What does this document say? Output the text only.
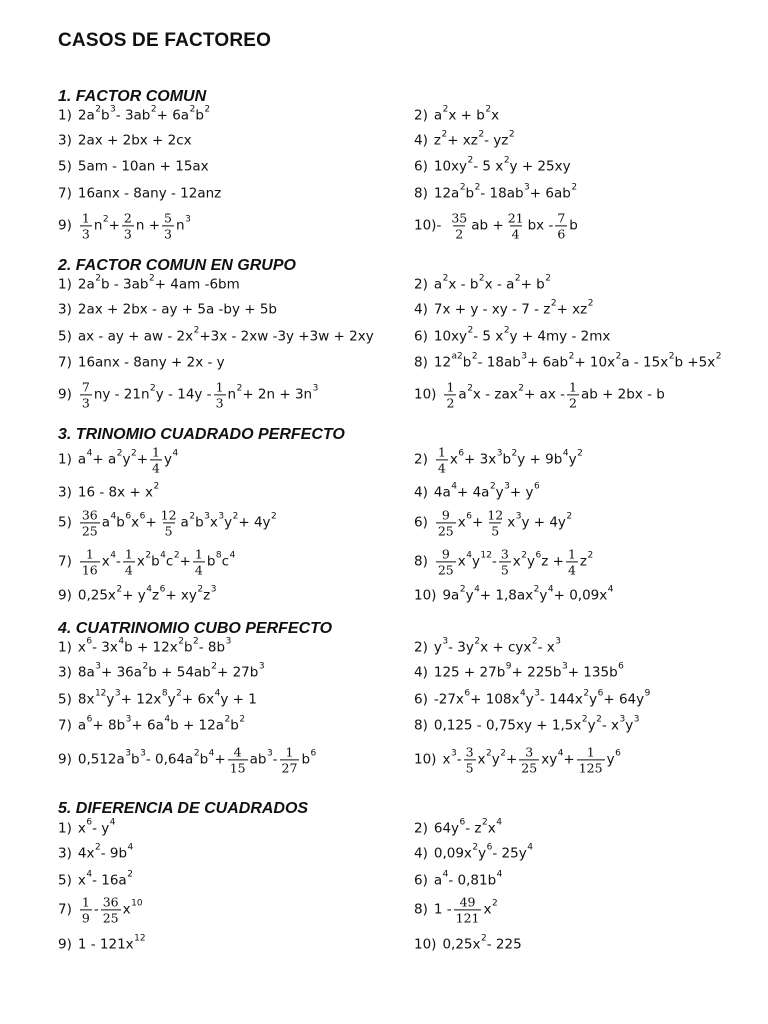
CASOS DE FACTOREO
1. FACTOR COMUN
1) $2a^2$ $b^3 - 3ab^2 + 6a^2$ $b^2$	2) $a^2$ $x + b^2$ x
3) 2ax + 2bx + 2cx	4) $z^2 + xz^2 - yz^2$
5) 5am - 10an + 15ax	6) $10xy^2 - 5$ $x^2$ y + 25xy
7) 16anx - 8any - 12anz	8) $12a^2$ $b^2 - 18ab^3 + 6ab^2$
$9) \frac{1}{3} n^2 + \frac{2}{3}$ $n + \frac{5}{3} n^3$	$10)- \frac{35}{2}$ ab + $\frac{21}{4}$ bx - $\frac{7}{6}$ b
2. FACTOR COMUN EN GRUPO
1) $2a^2$ $b - 3ab^2 + 4am$ -6bm	2) $a^2$ x - $b^2$ $x - a^2 + b^2$
3) 2ax + 2bx - ay + 5a -by + 5b	4) 7x + y - xy - $7 - z^2 + xz^2$
5) ax - ay + aw - $2x^2 +3x - 2xw$ -3y +3w + 2xy	6) $10xy^2 - 5$ $x^2$ y + 4my - 2mx
7) 16anx - 8any + 2x - y	8) $12^{a2}$ $b^2 - 18ab^3 + 6ab^2 + 10x^2$ a - $15x^2$ $b +5x^2$
$9) \frac{7}{3}$ ny - $21n^2$ $y - 14y - \frac{1}{3} n^2 + 2n + 3n^3$	$10) \frac{1}{2} a^2$ x - zax$^2$ + ax - $\frac{1}{2}$ ab + 2bx - b
3. TRINOMIO CUADRADO PERFECTO
1) $a^4 + a^2$ $y^2 + \frac{1}{4} y^4$	$2) \frac{1}{4} x^6 + 3x^3$ $b^2$ $y + 9b^4$ $y^2$
3) $16 - 8x + x^2$	4) $4a^4 + 4a^2$ $y^3 + y^6$
$5) \frac{36}{25} a^4$ $b^6$ $x^6 + \frac{12}{5} a^2$ $b^3$ $x^3$ $y^2 + 4y^2$	$6) \frac{9}{25} x^6 + \frac{12}{5} x^3$ $y + 4y^2$
$7) \frac{1}{16} x^4 - \frac{1}{4} x^2$ $b^4$ $c^2 + \frac{1}{4} b^8$ $c^4$	$8) \frac{9}{25} x^4$ $y^{12} - \frac{3}{5} x^2$ $y^6$ $z + \frac{1}{4} z^2$
9) $0,25x^2 + y^4$ $z^6 + xy^2$ $z^3$	10) $9a^2$ $y^4 + 1,8ax^2$ $y^4 + 0,09x^4$
4. CUATRINOMIO CUBO PERFECTO
1) $x^6 - 3x^4$ $b + 12x^2$ $b^2 - 8b^3$	2) $y^3 - 3y^2$ $x + cyx^2 - x^3$
3) $8a^3 + 36a^2$ $b + 54ab^2 + 27b^3$	4) $125 + 27b^9 + 225b^3 + 135b^6$
5) $8x^{12}$ $y^3 + 12x^8$ $y^2 + 6x^4$ y + 1	6) $-27x^6 + 108x^4$ $y^3 - 144x^2$ $y^6 + 64y^9$
7) $a^6 + 8b^3 + 6a^4$ $b + 12a^2$ $b^2$	8) $0,125 - 0,75xy + 1,5x^2$ $y^2 - x^3$ $y^3$
9) $0,512a^3$ $b^3 - 0,64a^2$ $b^4 + \frac{4}{15} ab^3 - \frac{1}{27} b^6$	10) $x^3 - \frac{3}{5} x^2$ $y^2 + \frac{3}{25} xy^4 + \frac{1}{125} y^6$
5. DIFERENCIA DE CUADRADOS
1) $x^6 - y^4$	2) $64y^6 - z^2$ $x^4$
3) $4x^2 - 9b^4$	4) $0,09x^2$ $y^6 - 25y^4$
5) $x^4 - 16a^2$	6) $a^4 - 0,81b^4$
$7) \frac{1}{9} - \frac{36}{25} x^{10}$	8) $1 - \frac{49}{121} x^2$
9) $1 - 121x^{12}$	10) $0,25x^2 - 225$
